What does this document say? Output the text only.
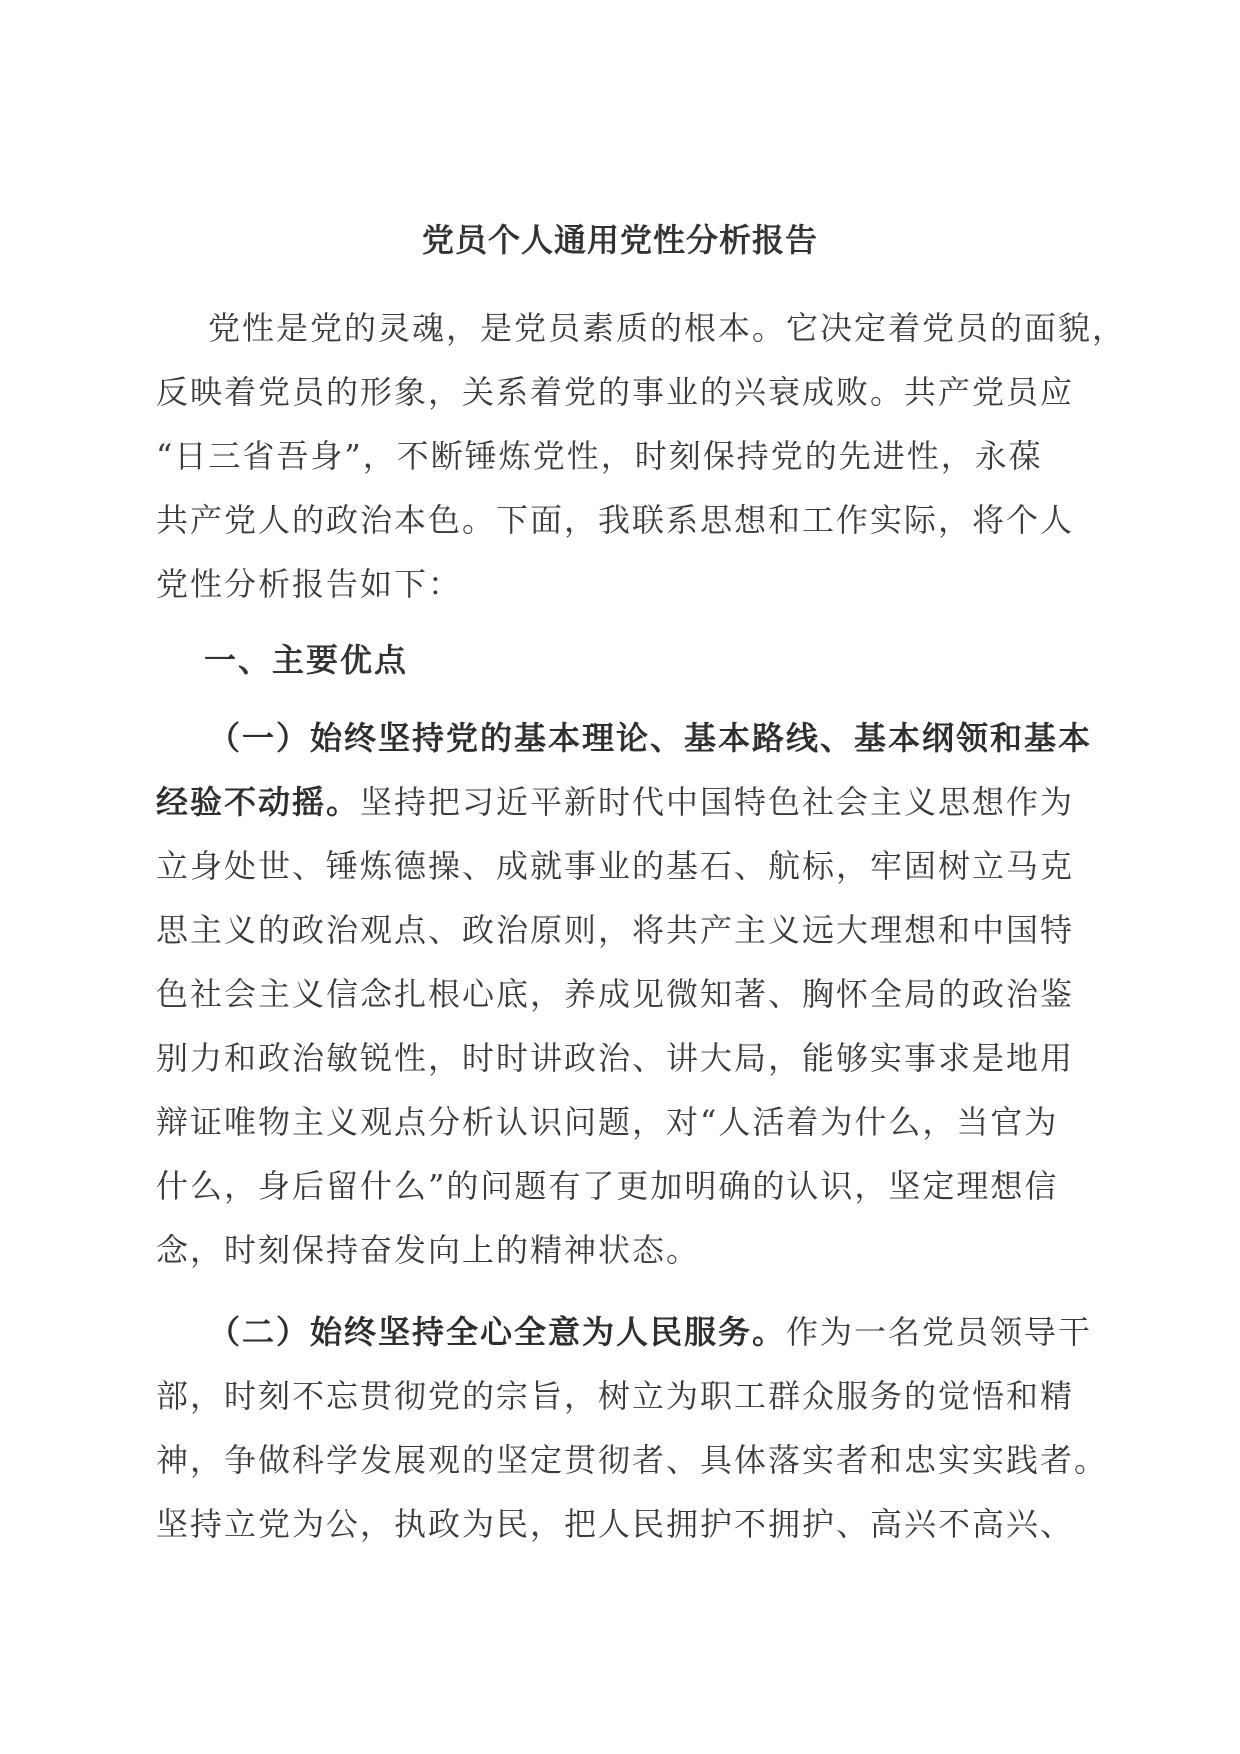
党员个人通用党性分析报告
党性是党的灵魂，是党员素质的根本。它决定着党员的面貌，
反映着党员的形象，关系着党的事业的兴衰成败。共产党员应
“日三省吾身”，不断锤炼党性，时刻保持党的先进性，永葆
共产党人的政治本色。下面，我联系思想和工作实际，将个人
党性分析报告如下：
一、主要优点
（一）始终坚持党的基本理论、基本路线、基本纲领和基本
经验不动摇。坚持把习近平新时代中国特色社会主义思想作为
立身处世、锤炼德操、成就事业的基石、航标，牢固树立马克
思主义的政治观点、政治原则，将共产主义远大理想和中国特
色社会主义信念扎根心底，养成见微知著、胸怀全局的政治鉴
别力和政治敏锐性，时时讲政治、讲大局，能够实事求是地用
辩证唯物主义观点分析认识问题，对“人活着为什么，当官为
什么，身后留什么”的问题有了更加明确的认识，坚定理想信
念，时刻保持奋发向上的精神状态。
（二）始终坚持全心全意为人民服务。作为一名党员领导干
部，时刻不忘贯彻党的宗旨，树立为职工群众服务的觉悟和精
神，争做科学发展观的坚定贯彻者、具体落实者和忠实实践者。
坚持立党为公，执政为民，把人民拥护不拥护、高兴不高兴、
